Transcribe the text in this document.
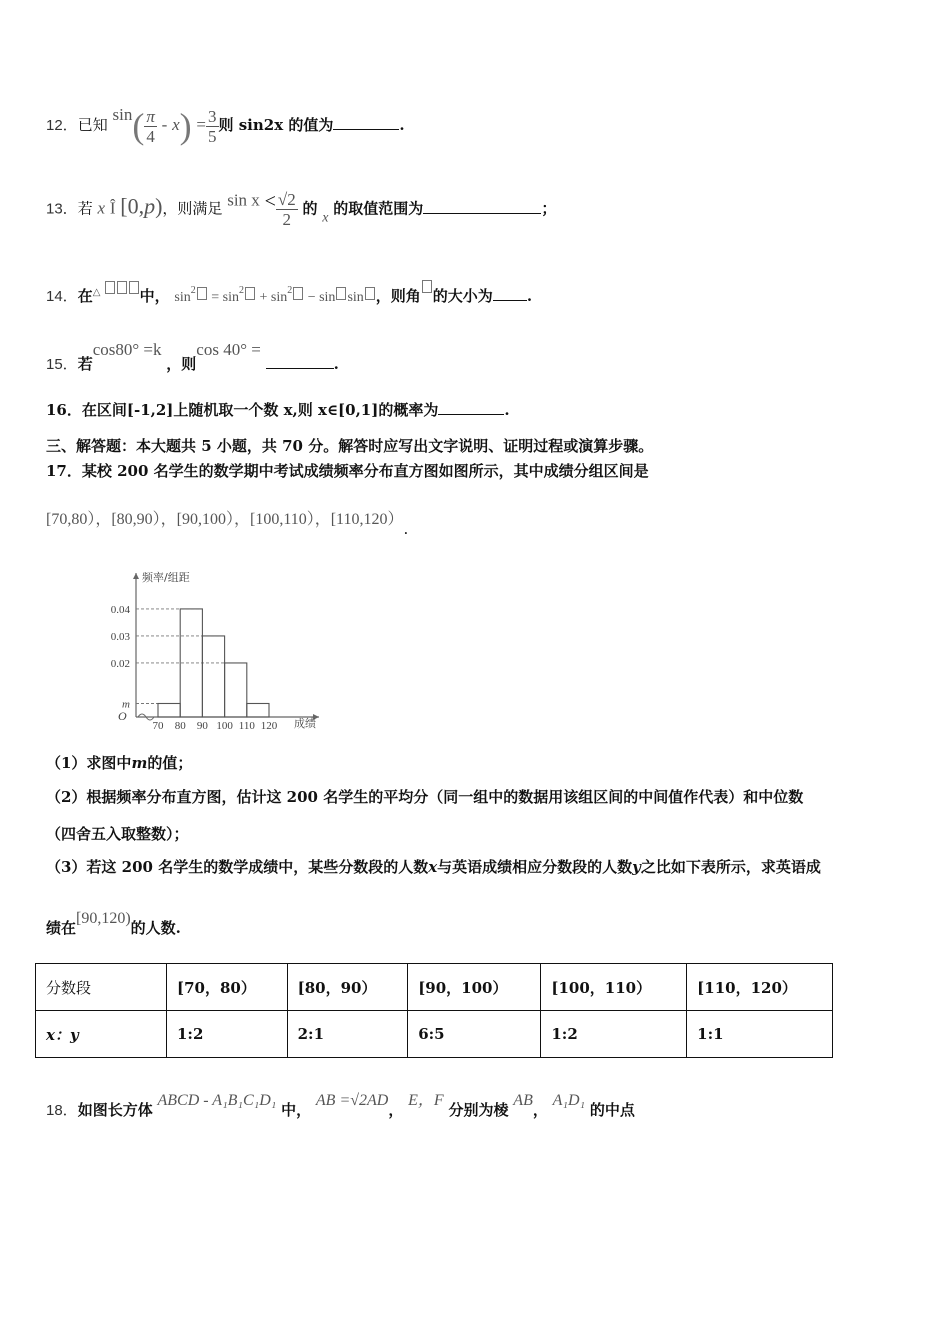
12．已知 $\sin( \frac{\pi}{4} - x) = \frac{3}{5}$ 则 sin2x 的值为	.
13．若 x Î [0,p)，则满足 $\sin x < \frac{√2}{2}$ 的 x 的取值范围为	；
14．在△	中， $\sin^2 = \sin^2 + \sin^2 - \sin \sin$ ，则角 的大小为 .
15．若cos80° =k ，则cos 40° = .
16．在区间[-1,2]上随机取一个数 x,则 x∈[0,1]的概率为	.
三、解答题：本大题共 5 小题，共 70 分。解答时应写出文字说明、证明过程或演算步骤。
17．某校 200 名学生的数学期中考试成绩频率分布直方图如图所示，其中成绩分组区间是
[70,80），[80,90），[90,100），[100,110），[110,120）.
频率/组距
成绩
O
0.04
0.03
0.02
m
70 80 90 100 110 120
（1）求图中m的值；
（2）根据频率分布直方图，估计这 200 名学生的平均分（同一组中的数据用该组区间的中间值作代表）和中位数
（四舍五入取整数）；
（3）若这 200 名学生的数学成绩中，某些分数段的人数x与英语成绩相应分数段的人数y之比如下表所示，求英语成
绩在[90,120)的人数.
分数段	[70，80）	[80，90）	[90，100）	[100，110）	[110，120）
x：y	1:2	2:1	6:5	1:2	1:1
18．如图长方体 ABCD - A₁B₁C₁D₁ 中， AB =√2AD， E，F 分别为棱 AB， A₁D₁ 的中点
